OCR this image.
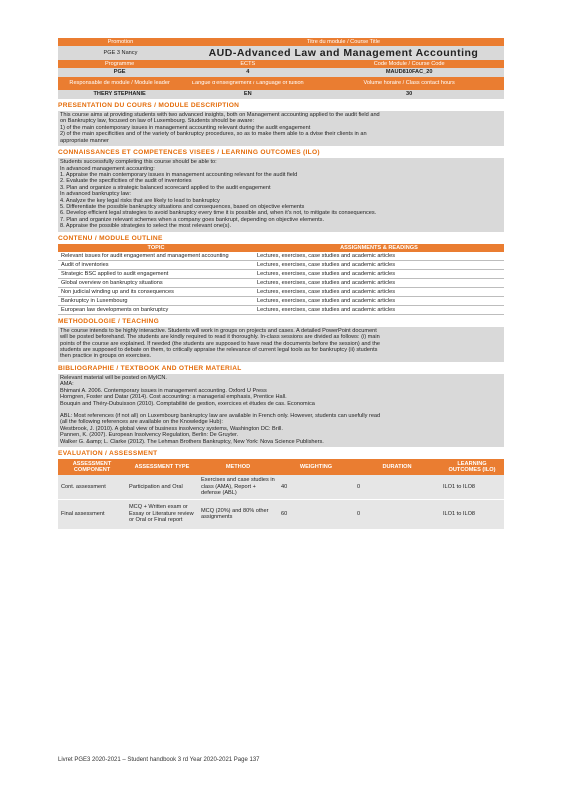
Promotion	Titre du module / Course Title
PGE 3 Nancy	AUD-Advanced Law and Management Accounting
Programme	ECTS	Code Module / Course Code
PGE	4	MAUD810FAC_20
Responsable de module / Module leader	Langue d'enseignement / Language of tuition	Volume horaire / Class contact hours
THERY STEPHANIE	EN	30
PRESENTATION DU COURS / MODULE DESCRIPTION

This course aims at providing students with two advanced insights, both on Management accounting applied to the audit field and

on Bankruptcy law, focused on law of Luxembourg. Students should be aware:

1) of the main contemporary issues in management accounting relevant during the audit engagement

2) of the main specificities and of the variety of bankruptcy procedures, so as to make them able to a dvise their clients in an

appropriate manner

CONNAISSANCES ET COMPETENCES VISEES / LEARNING OUTCOMES (ILO)

Students successfully completing this course should be able to:

In advanced management accounting:

1. Appraise the main contemporary issues in management accounting relevant for the audit field

2. Evaluate the specificities of the audit of inventories

3. Plan and organize a strategic balanced scorecard applied to the audit engagement

In advanced bankruptcy law:

4. Analyze the key legal risks that are likely to lead to bankruptcy

5. Differentiate the possible bankruptcy situations and consequences, based on objective elements

6. Develop efficient legal strategies to avoid bankruptcy every time it is possible and, when it's not, to mitigate its consequences.

7. Plan and organize relevant schemes when a company goes bankrupt, depending on objective elements.

8. Appraise the possible strategies to select the most relevant one(s).

CONTENU / MODULE OUTLINE
TOPIC	ASSIGNMENTS & READINGS
Relevant issues for audit engagement and management accounting	Lectures, exercises, case studies and academic articles
Audit of inventories	Lectures, exercises, case studies and academic articles
Strategic BSC applied to audit engagement	Lectures, exercises, case studies and academic articles
Global overview on bankruptcy situations	Lectures, exercises, case studies and academic articles
Non judicial winding up and its consequences	Lectures, exercises, case studies and academic articles
Bankruptcy in Luxembourg	Lectures, exercises, case studies and academic articles
European law developments on bankruptcy	Lectures, exercises, case studies and academic articles
METHODOLOGIE / TEACHING

The course intends to be highly interactive. Students will work in groups on projects and cases. A detailed PowerPoint document

will be posted beforehand. The students are kindly required to read it thoroughly. In-class sessions are divided as follows: (i) main

points of the course are explained. If needed (the students are supposed to have read the documents before the session) and the

students are supposed to debate on them, to critically appraise the relevance of current legal tools as for bankruptcy (ii) students

then practice in groups on exercises.

BIBLIOGRAPHIE / TEXTBOOK AND OTHER MATERIAL

Relevant material will be posted on MyICN.

AMA:

Bhimani A. 2006. Contemporary issues in management accounting. Oxford U Press

Horngren, Foster and Datar (2014). Cost accounting: a managerial emphasis, Prentice Hall.

Bouquin and Théry-Dubuisson (2010). Comptabilité de gestion, exercices et études de cas. Economica

ABL: Most references (if not all) on Luxembourg bankruptcy law are available in French only. However, students can usefully read

(all the following references are available on the Knowledge Hub):

Westbrook, J. (2010). A global view of business insolvency systems, Washington DC: Brill.

Pannen, K. (2007). European Insolvency Regulation, Berlin: De Gruyter.

Walker G. &amp; L. Clarke (2012). The Lehman Brothers Bankruptcy, New York: Nova Science Publishers.

EVALUATION / ASSESSMENT
ASSESSMENT COMPONENT	ASSESSMENT TYPE	METHOD	WEIGHTING	DURATION	LEARNING OUTCOMES (ILO)
Cont. assessment	Participation and Oral	Exercises and case studies in class (AMA), Report + defense (ABL)	40	0	ILO1 to ILO8
Final assessment	MCQ + Written exam or Essay or Literature review or Oral or Final report	MCQ (20%) and 80% other assignments	60	0	ILO1 to ILO8
Livret PGE3 2020-2021 – Student handbook 3 rd Year 2020-2021 Page 137
